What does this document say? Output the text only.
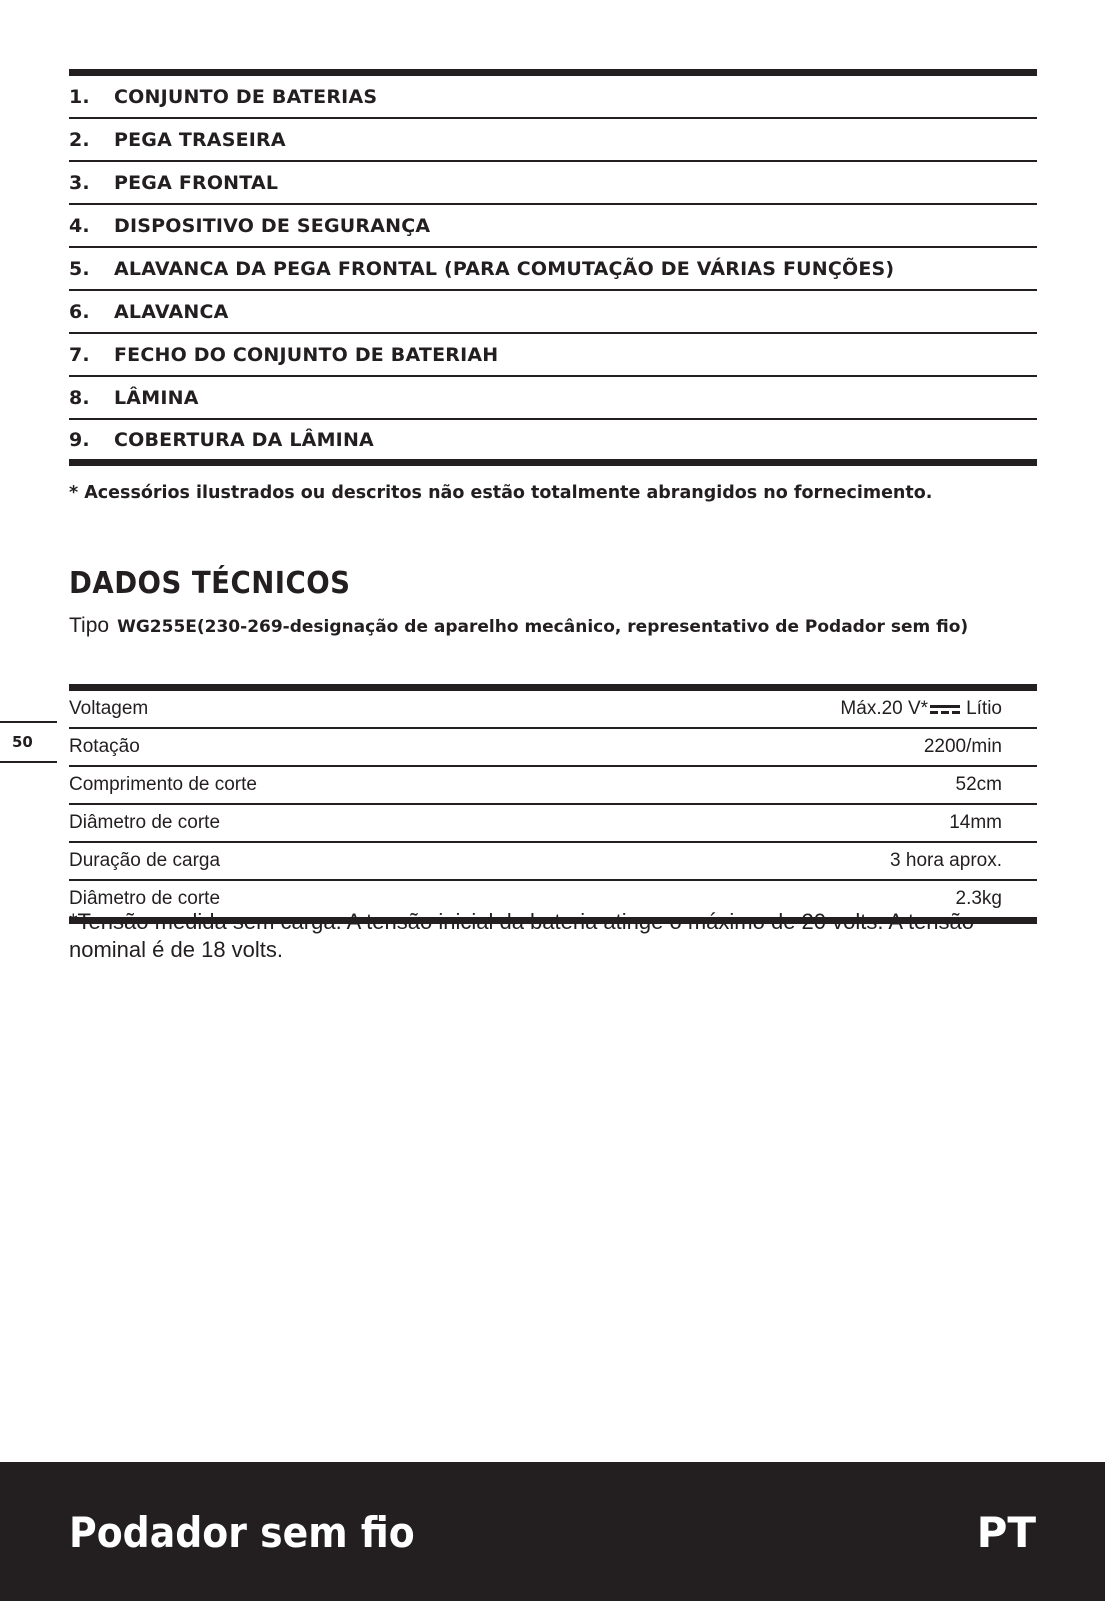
1.	CONJUNTO DE BATERIAS
2.	PEGA TRASEIRA
3.	PEGA FRONTAL
4.	DISPOSITIVO DE SEGURANÇA
5.	ALAVANCA DA PEGA FRONTAL (PARA COMUTAÇÃO DE VÁRIAS FUNÇÕES)
6.	ALAVANCA
7.	FECHO DO CONJUNTO DE BATERIAH
8.	LÂMINA
9.	COBERTURA DA LÂMINA
* Acessórios ilustrados ou descritos não estão totalmente abrangidos no fornecimento.
DADOS TÉCNICOS
Tipo WG255E(230-269-designação de aparelho mecânico, representativo de Podador sem fio)
50
Voltagem	Máx.20 V* Lítio
Rotação	2200/min
Comprimento de corte	52cm
Diâmetro de corte	14mm
Duração de carga	3 hora aprox.
Diâmetro de corte	2.3kg
*Tensão medida sem carga. A tensão inicial da bateria atinge o máximo de 20 volts. A tensão nominal é de 18 volts.
Podador sem fio	PT
